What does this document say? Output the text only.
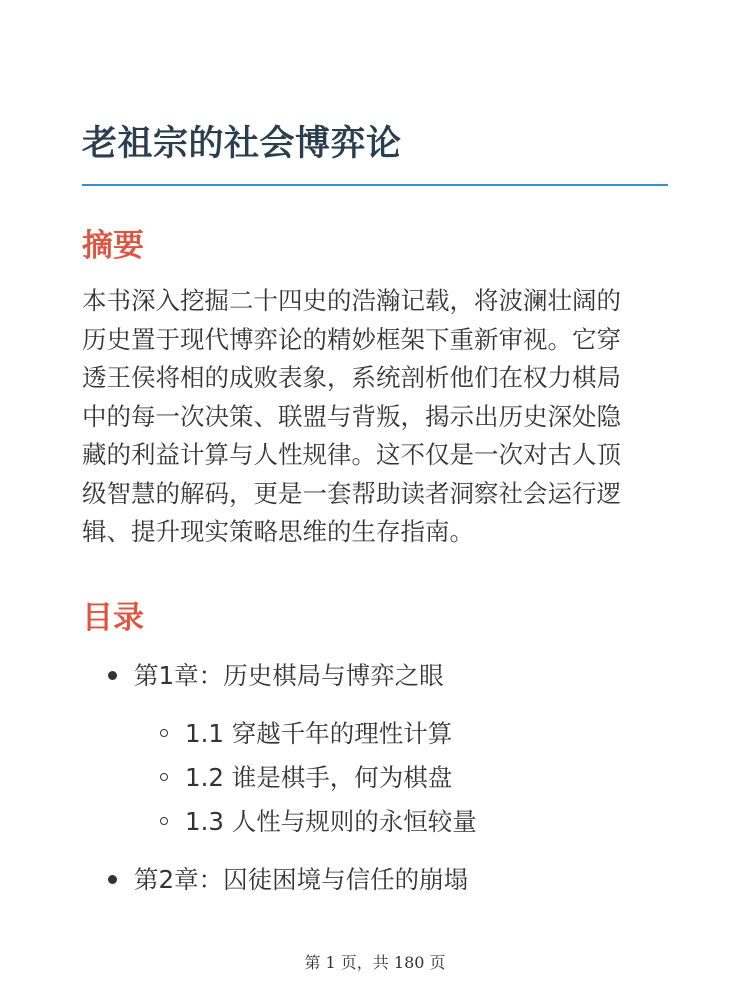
老祖宗的社会博弈论
摘要

本书深入挖掘二十四史的浩瀚记载，将波澜壮阔的
历史置于现代博弈论的精妙框架下重新审视。它穿
透王侯将相的成败表象，系统剖析他们在权力棋局
中的每一次决策、联盟与背叛，揭示出历史深处隐
藏的利益计算与人性规律。这不仅是一次对古人顶
级智慧的解码，更是一套帮助读者洞察社会运行逻
辑、提升现实策略思维的生存指南。

目录
第1章：历史棋局与博弈之眼
1.1 穿越千年的理性计算
1.2 谁是棋手，何为棋盘
1.3 人性与规则的永恒较量
第2章：囚徒困境与信任的崩塌
第 1 页，共 180 页
